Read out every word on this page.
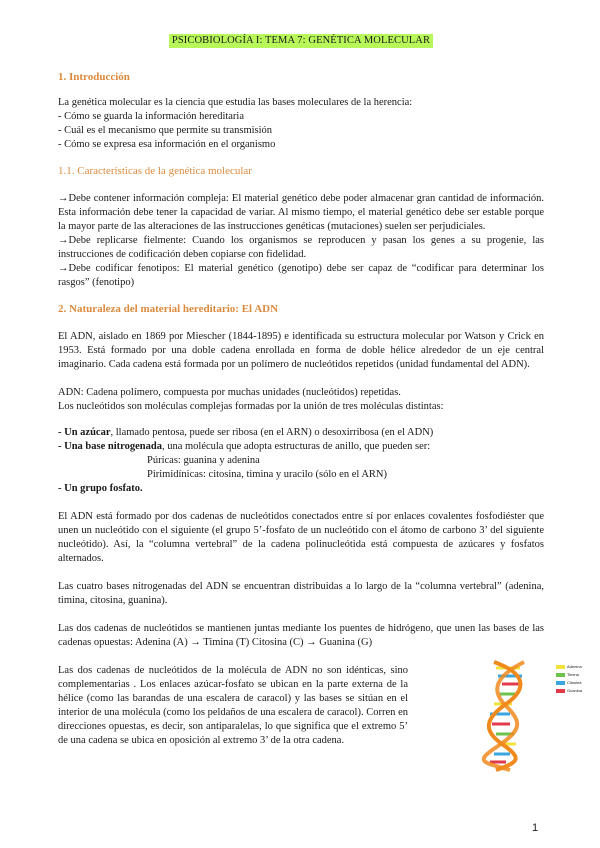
PSICOBIOLOGÍA I: TEMA 7: GENÉTICA MOLECULAR
1. Introducción

La genética molecular es la ciencia que estudia las bases moleculares de la herencia:

- Cómo se guarda la información hereditaria

- Cuál es el mecanismo que permite su transmisión

- Cómo se expresa esa información en el organismo

1.1. Características de la genética molecular

→Debe contener información compleja: El material genético debe poder almacenar gran cantidad de información. Esta información debe tener la capacidad de variar. Al mismo tiempo, el material genético debe ser estable porque la mayor parte de las alteraciones de las instrucciones genéticas (mutaciones) suelen ser perjudiciales.

→Debe replicarse fielmente: Cuando los organismos se reproducen y pasan los genes a su progenie, las instrucciones de codificación deben copiarse con fidelidad.

→Debe codificar fenotipos: El material genético (genotipo) debe ser capaz de “codificar para determinar los rasgos” (fenotipo)

2. Naturaleza del material hereditario: El ADN

El ADN, aislado en 1869 por Miescher (1844-1895) e identificada su estructura molecular por Watson y Crick en 1953. Está formado por una doble cadena enrollada en forma de doble hélice alrededor de un eje central imaginario. Cada cadena está formada por un polímero de nucleótidos repetidos (unidad fundamental del ADN).

ADN: Cadena polímero, compuesta por muchas unidades (nucleótidos) repetidas.

Los nucleótidos son moléculas complejas formadas por la unión de tres moléculas distintas:

- Un azúcar, llamado pentosa, puede ser ribosa (en el ARN) o desoxirribosa (en el ADN)

- Una base nitrogenada, una molécula que adopta estructuras de anillo, que pueden ser:

Púricas: guanina y adenina

Pirimidínicas: citosina, timina y uracilo (sólo en el ARN)

- Un grupo fosfato.

El ADN está formado por dos cadenas de nucleótidos conectados entre sí por enlaces covalentes fosfodiéster que unen un nucleótido con el siguiente (el grupo 5’-fosfato de un nucleótido con el átomo de carbono 3’ del siguiente nucleótido). Así, la “columna vertebral” de la cadena polinucleótida está compuesta de azúcares y fosfatos alternados.

Las cuatro bases nitrogenadas del ADN se encuentran distribuidas a lo largo de la “columna vertebral” (adenina, timina, citosina, guanina).

Las dos cadenas de nucleótidos se mantienen juntas mediante los puentes de hidrógeno, que unen las bases de las cadenas opuestas: Adenina (A) → Timina (T) Citosina (C) → Guanina (G)

Las dos cadenas de nucleótidos de la molécula de ADN no son idénticas, sino complementarias . Los enlaces azúcar-fosfato se ubican en la parte externa de la hélice (como las barandas de una escalera de caracol) y las bases se sitúan en el interior de una molécula (como los peldaños de una escalera de caracol). Corren en direcciones opuestas, es decir, son antiparalelas, lo que significa que el extremo 5’ de una cadena se ubica en oposición al extremo 3’ de la otra cadena.

Adenina
Timina
Citosina
Guanina
1
